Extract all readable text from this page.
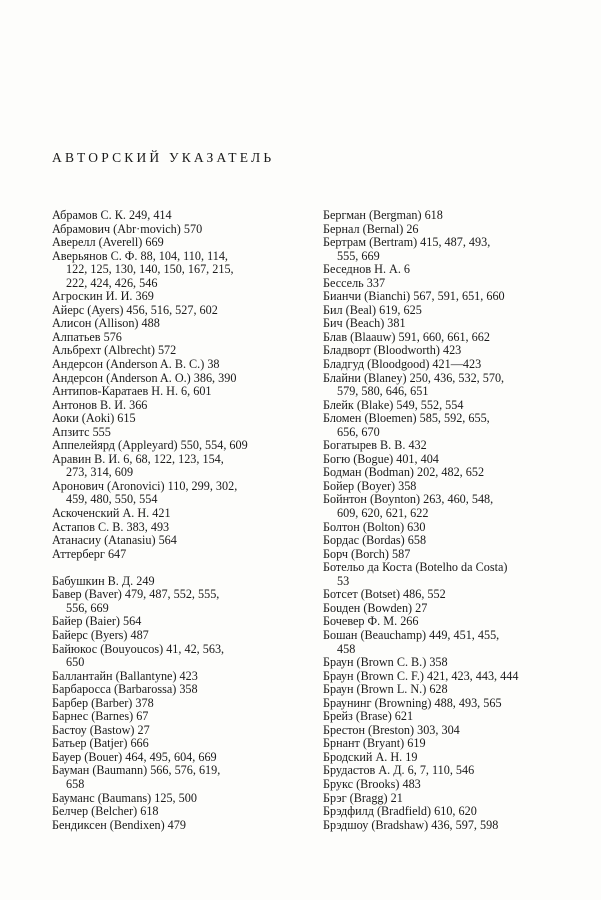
АВТОРСКИЙ УКАЗАТЕЛЬ
Абрамов С. К. 249, 414
Абрамович (Abr·movich) 570
Аверелл (Averell) 669
Аверьянов С. Ф. 88, 104, 110, 114,
122, 125, 130, 140, 150, 167, 215,
222, 424, 426, 546
Агроскин И. И. 369
Айерс (Ayers) 456, 516, 527, 602
Алисон (Allison) 488
Алпатьев 576
Альбрехт (Albrecht) 572
Андерсон (Anderson A. B. C.) 38
Андерсон (Anderson A. O.) 386, 390
Антипов-Каратаев Н. Н. 6, 601
Антонов В. И. 366
Аоки (Aoki) 615
Апзитс 555
Аппелейярд (Appleyard) 550, 554, 609
Аравин В. И. 6, 68, 122, 123, 154,
273, 314, 609
Аронович (Aronovici) 110, 299, 302,
459, 480, 550, 554
Аскоченский А. Н. 421
Астапов С. В. 383, 493
Атанасиу (Atanasiu) 564
Аттерберг 647
Бабушкин В. Д. 249
Бавер (Baver) 479, 487, 552, 555,
556, 669
Байер (Baier) 564
Байерс (Byers) 487
Байюкос (Bouyoucos) 41, 42, 563,
650
Баллантайн (Ballantyne) 423
Барбаросса (Barbarossa) 358
Барбер (Barber) 378
Барнес (Barnes) 67
Бастоу (Bastow) 27
Батьер (Batjer) 666
Бауер (Bouer) 464, 495, 604, 669
Бауман (Baumann) 566, 576, 619,
658
Бауманс (Baumans) 125, 500
Белчер (Belcher) 618
Бендиксен (Bendixen) 479
Бергман (Bergman) 618
Бернал (Bernal) 26
Бертрам (Bertram) 415, 487, 493,
555, 669
Беседнов Н. А. 6
Бессель 337
Бианчи (Bianchi) 567, 591, 651, 660
Бил (Beal) 619, 625
Бич (Beach) 381
Блав (Blaauw) 591, 660, 661, 662
Бладворт (Bloodworth) 423
Бладгуд (Bloodgood) 421—423
Блайни (Blaney) 250, 436, 532, 570,
579, 580, 646, 651
Блейк (Blake) 549, 552, 554
Бломен (Bloemen) 585, 592, 655,
656, 670
Богатырев В. В. 432
Богю (Bogue) 401, 404
Бодман (Bodman) 202, 482, 652
Бойер (Boyer) 358
Бойнтон (Boynton) 263, 460, 548,
609, 620, 621, 622
Болтон (Bolton) 630
Бордас (Bordas) 658
Борч (Borch) 587
Ботельо да Коста (Botelho da Costa)
53
Ботсет (Botset) 486, 552
Бouден (Bowden) 27
Бочевер Ф. М. 266
Бошан (Beauchamp) 449, 451, 455,
458
Браун (Brown C. B.) 358
Браун (Brown C. F.) 421, 423, 443, 444
Браун (Brown L. N.) 628
Браунинг (Browning) 488, 493, 565
Брейз (Brase) 621
Брестон (Breston) 303, 304
Брнант (Bryant) 619
Бродский А. Н. 19
Брудастов А. Д. 6, 7, 110, 546
Брукс (Brooks) 483
Брэг (Bragg) 21
Брэдфилд (Bradfield) 610, 620
Брэдшоу (Bradshaw) 436, 597, 598
